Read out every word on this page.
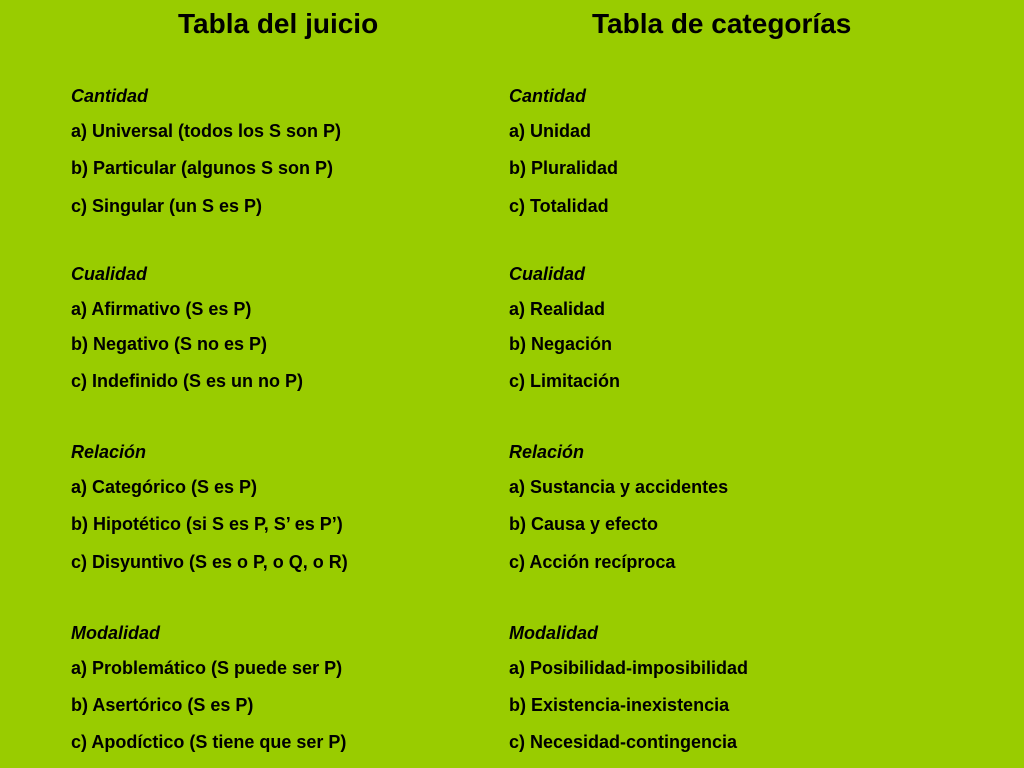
Tabla del juicio	Tabla de categorías
Cantidad
a) Universal (todos los S son P)
b) Particular (algunos S son P)
c) Singular (un S es P)
Cualidad
a) Afirmativo (S es P)
b) Negativo (S no es P)
c) Indefinido (S es un no P)
Relación
a) Categórico (S es P)
b) Hipotético (si S es P, S’ es P’)
c) Disyuntivo (S es o P, o Q, o R)
Modalidad
a) Problemático (S puede ser P)
b) Asertórico (S es P)
c) Apodíctico (S tiene que ser P)
Cantidad
a) Unidad
b) Pluralidad
c) Totalidad
Cualidad
a) Realidad
b) Negación
c) Limitación
Relación
a) Sustancia y accidentes
b) Causa y efecto
c) Acción recíproca
Modalidad
a) Posibilidad-imposibilidad
b) Existencia-inexistencia
c) Necesidad-contingencia
